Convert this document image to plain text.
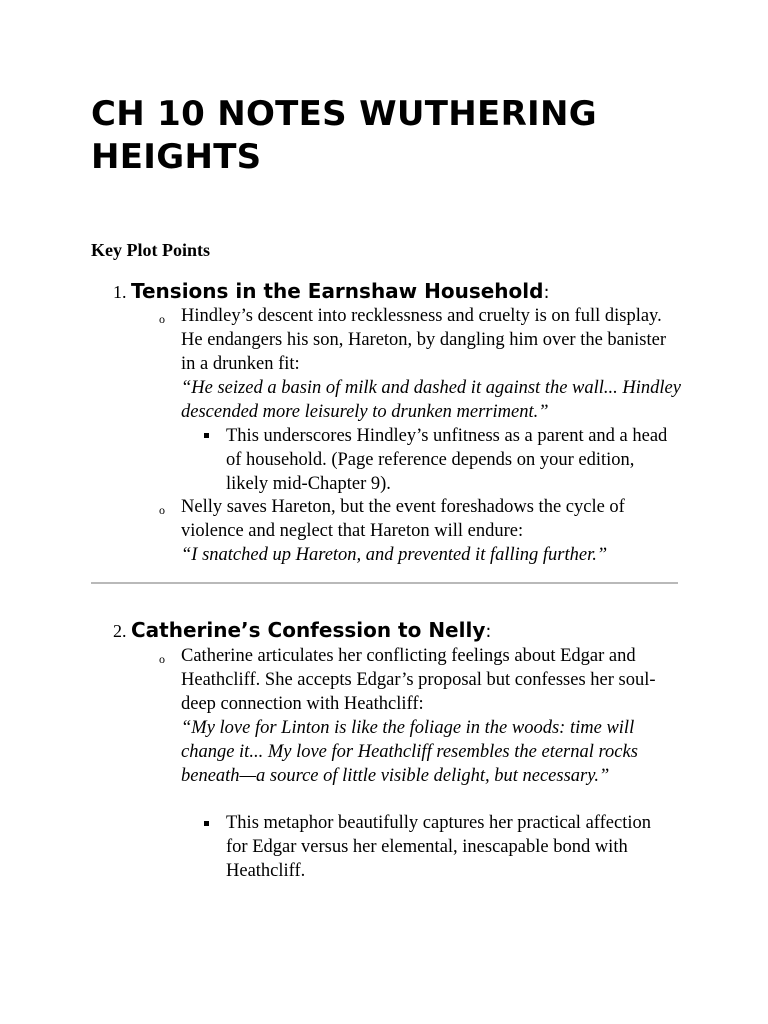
CH 10 NOTES WUTHERING HEIGHTS

Key Plot Points

1. Tensions in the Earnshaw Household:
o Hindley’s descent into recklessness and cruelty is on full display. He endangers his son, Hareton, by dangling him over the banister in a drunken fit:

“He seized a basin of milk and dashed it against the wall... Hindley descended more leisurely to drunken merriment.”

This underscores Hindley’s unfitness as a parent and a head of household. (Page reference depends on your edition, likely mid-Chapter 9).

o Nelly saves Hareton, but the event foreshadows the cycle of violence and neglect that Hareton will endure:

“I snatched up Hareton, and prevented it falling further.”

2. Catherine’s Confession to Nelly:
o Catherine articulates her conflicting feelings about Edgar and Heathcliff. She accepts Edgar’s proposal but confesses her soul-deep connection with Heathcliff:

“My love for Linton is like the foliage in the woods: time will change it... My love for Heathcliff resembles the eternal rocks beneath—a source of little visible delight, but necessary.”

This metaphor beautifully captures her practical affection for Edgar versus her elemental, inescapable bond with Heathcliff.
